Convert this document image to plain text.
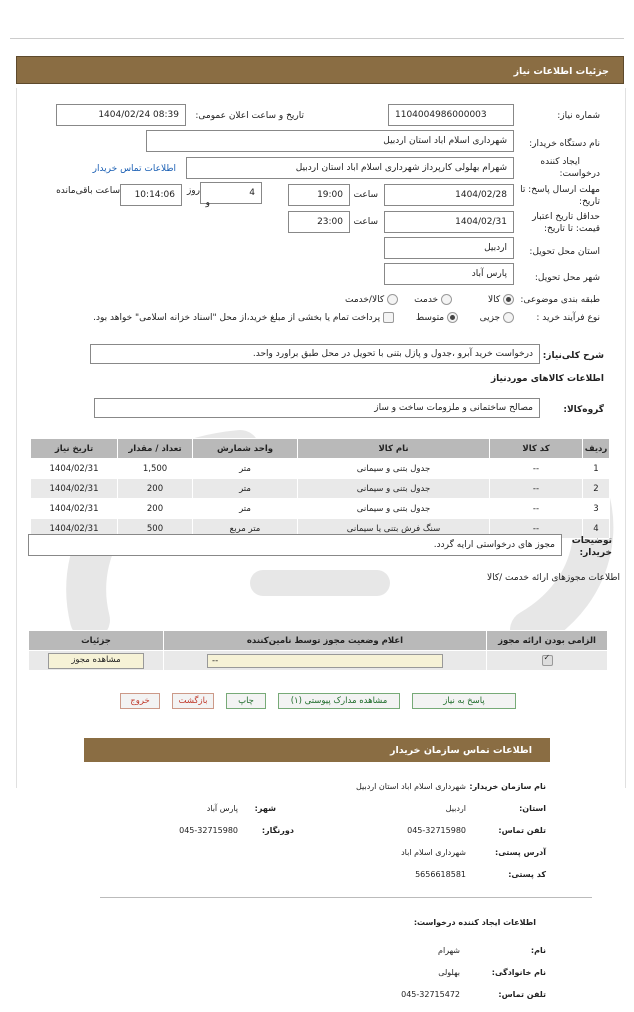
جزئیات اطلاعات نیاز
شماره نیاز:
1104004986000003
تاریخ و ساعت اعلان عمومی:
1404/02/24 08:39
نام دستگاه خریدار:
شهرداری اسلام اباد استان اردبیل
ایجاد کننده
درخواست:
شهرام بهلولی کارپرداز شهرداری اسلام اباد استان اردبیل
اطلاعات تماس خریدار
مهلت ارسال پاسخ: تا
تاریخ:
1404/02/28
ساعت
19:00
4
روز
و
10:14:06
ساعت باقی‌مانده
حداقل تاریخ اعتبار
قیمت: تا تاریخ:
1404/02/31
ساعت
23:00
استان محل تحویل:
اردبیل
شهر محل تحویل:
پارس آباد
طبقه بندی موضوعی:
کالا
خدمت
کالا/خدمت
نوع فرآیند خرید :
جزیی
متوسط
پرداخت تمام یا بخشی از مبلغ خرید،از محل "اسناد خزانه اسلامی" خواهد بود.
شرح کلی‌نیاز:
درخواست خرید آبرو ،جدول و پازل بتنی با تحویل در محل طبق براورد واحد.
اطلاعات کالاهای موردنیاز
گروه‌کالا:
مصالح ساختمانی و ملزومات ساخت و ساز
ردیف	کد کالا	نام کالا	واحد شمارش	تعداد / مقدار	تاریخ نیاز
1	--	جدول بتنی و سیمانی	متر	1,500	1404/02/31
2	--	جدول بتنی و سیمانی	متر	200	1404/02/31
3	--	جدول بتنی و سیمانی	متر	200	1404/02/31
4	--	سنگ فرش بتنی یا سیمانی	متر مربع	500	1404/02/31
توضیحات
خریدار:
مجوز های درخواستی ارایه گردد.
اطلاعات مجوزهای ارائه خدمت /کالا
الزامی بودن ارائه مجوز	اعلام وضعیت مجوز توسط نامین‌کننده	جزئیات

✓	--	مشاهده مجوز
پاسخ به نیاز
مشاهده مدارک پیوستی (۱)
چاپ
بازگشت
خروج
اطلاعات تماس سازمان خریدار
نام سازمان خریدار:
شهرداری اسلام اباد استان اردبیل
استان:
اردبیل
شهر:
پارس آباد
تلفن تماس:
045-32715980
دورنگار:
045-32715980
آدرس پستی:
شهرداری اسلام اباد
کد پستی:
5656618581
اطلاعات ایجاد کننده درخواست:
نام:
شهرام
نام خانوادگی:
بهلولی
تلفن تماس:
045-32715472
